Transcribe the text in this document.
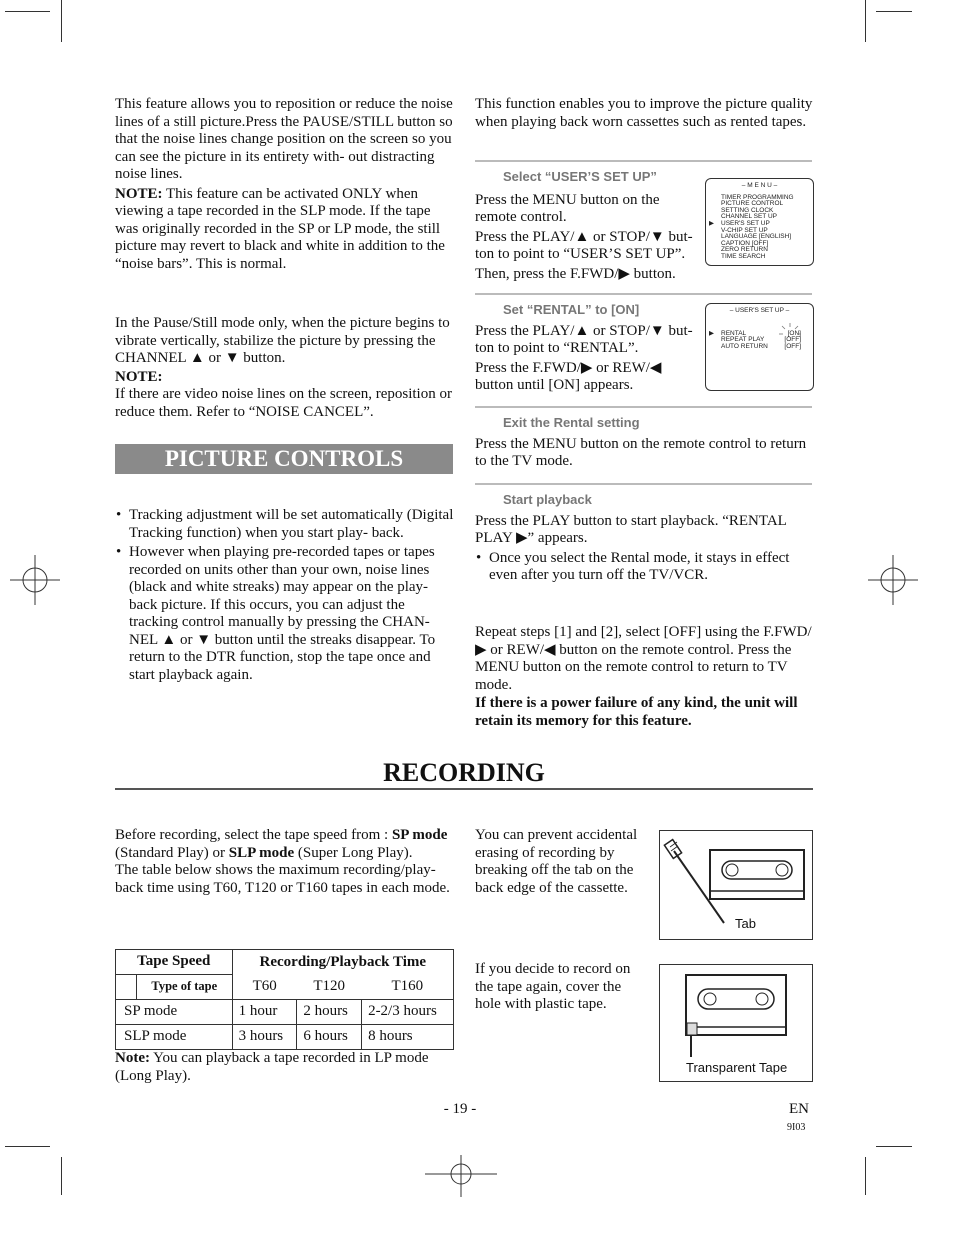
This feature allows you to reposition or reduce the noise lines of a still picture.Press the PAUSE/STILL button so that the noise lines change position on the screen so you can see the picture in its entirety with- out distracting noise lines.

NOTE: This feature can be activated ONLY when viewing a tape recorded in the SLP mode. If the tape was originally recorded in the SP or LP mode, the still picture may revert to black and white in addition to the “noise bars”. This is normal.

In the Pause/Still mode only, when the picture begins to vibrate vertically, stabilize the picture by pressing the CHANNEL ▲ or ▼ button.

NOTE:

If there are video noise lines on the screen, reposition or reduce them. Refer to “NOISE CANCEL”.

PICTURE CONTROLS
• Tracking adjustment will be set automatically (Digital Tracking function) when you start play- back.
• However when playing pre-recorded tapes or tapes recorded on units other than your own, noise lines (black and white streaks) may appear on the play- back picture. If this occurs, you can adjust the tracking control manually by pressing the CHAN- NEL ▲ or ▼ button until the streaks disappear. To return to the DTR function, stop the tape once and start playback again.
This function enables you to improve the picture quality when playing back worn cassettes such as rented tapes.
Select “USER’S SET UP”

Press the MENU button on the remote control.

Press the PLAY/▲ or STOP/▼ but- ton to point to “USER’S SET UP”.

Then, press the F.FWD/▶ button.

– M E N U –
▶
TIMER PROGRAMMING
PICTURE CONTROL
SETTING CLOCK
CHANNEL SET UP
USER'S SET UP
V-CHIP SET UP
LANGUAGE [ENGLISH]
CAPTION [OFF]
ZERO RETURN
TIME SEARCH
Set “RENTAL” to [ON]

Press the PLAY/▲ or STOP/▼ but- ton to point to “RENTAL”.

Press the F.FWD/▶ or REW/◀ button until [ON] appears.

– USER'S SET UP –
▶ RENTAL	[ON]
REPEAT PLAY	[OFF]
AUTO RETURN	[OFF]
Exit the Rental setting

Press the MENU button on the remote control to return to the TV mode.

Start playback

Press the PLAY button to start playback. “RENTAL PLAY ▶” appears.

• Once you select the Rental mode, it stays in effect even after you turn off the TV/VCR.

Repeat steps [1] and [2], select [OFF] using the F.FWD/▶ or REW/◀ button on the remote control. Press the MENU button on the remote control to return to TV mode.

If there is a power failure of any kind, the unit will retain its memory for this feature.

RECORDING

Before recording, select the tape speed from : SP mode (Standard Play) or SLP mode (Super Long Play).

The table below shows the maximum recording/play- back time using T60, T120 or T160 tapes in each mode.

Tape Speed		Recording/Playback Time		
	Type of tape	T60	T120	T160
SP mode		1 hour	2 hours	2-2/3 hours
SLP mode		3 hours	6 hours	8 hours

Note: You can playback a tape recorded in LP mode (Long Play).

You can prevent accidental erasing of recording by breaking off the tab on the back edge of the cassette.
Tab
If you decide to record on the tape again, cover the hole with plastic tape.
Transparent Tape
- 19 -	EN
9I03
